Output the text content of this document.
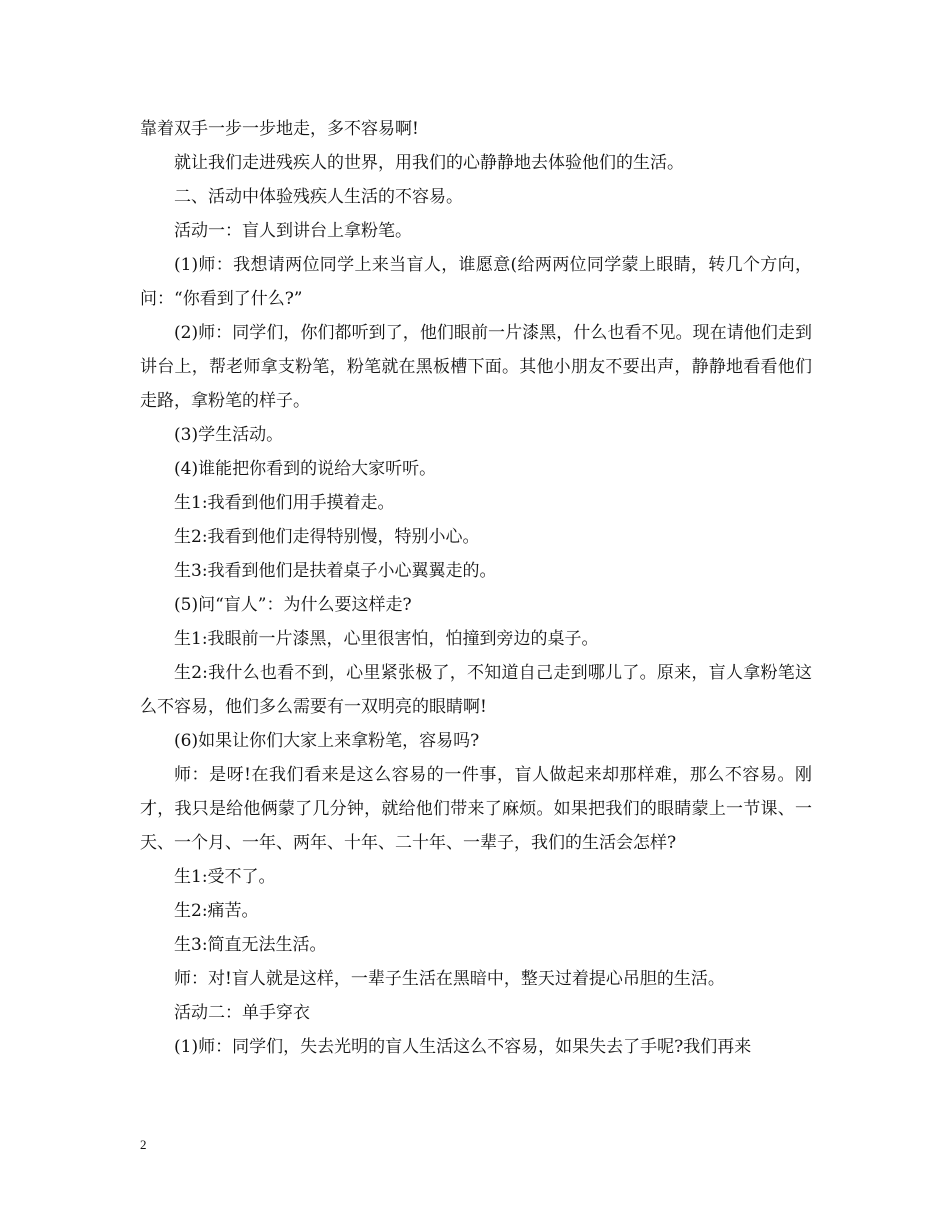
靠着双手一步一步地走，多不容易啊!

就让我们走进残疾人的世界，用我们的心静静地去体验他们的生活。

二、活动中体验残疾人生活的不容易。

活动一：盲人到讲台上拿粉笔。

(1)师：我想请两位同学上来当盲人，谁愿意(给两两位同学蒙上眼睛，转几个方向，问：“你看到了什么?”

(2)师：同学们，你们都听到了，他们眼前一片漆黑，什么也看不见。现在请他们走到讲台上，帮老师拿支粉笔，粉笔就在黑板槽下面。其他小朋友不要出声，静静地看看他们走路，拿粉笔的样子。

(3)学生活动。

(4)谁能把你看到的说给大家听听。

生1:我看到他们用手摸着走。

生2:我看到他们走得特别慢，特别小心。

生3:我看到他们是扶着桌子小心翼翼走的。

(5)问“盲人”：为什么要这样走?

生1:我眼前一片漆黑，心里很害怕，怕撞到旁边的桌子。

生2:我什么也看不到，心里紧张极了，不知道自己走到哪儿了。原来，盲人拿粉笔这么不容易，他们多么需要有一双明亮的眼睛啊!

(6)如果让你们大家上来拿粉笔，容易吗?

师：是呀!在我们看来是这么容易的一件事，盲人做起来却那样难，那么不容易。刚才，我只是给他俩蒙了几分钟，就给他们带来了麻烦。如果把我们的眼睛蒙上一节课、一天、一个月、一年、两年、十年、二十年、一辈子，我们的生活会怎样?

生1:受不了。

生2:痛苦。

生3:简直无法生活。

师：对!盲人就是这样，一辈子生活在黑暗中，整天过着提心吊胆的生活。

活动二：单手穿衣

(1)师：同学们，失去光明的盲人生活这么不容易，如果失去了手呢?我们再来

2
